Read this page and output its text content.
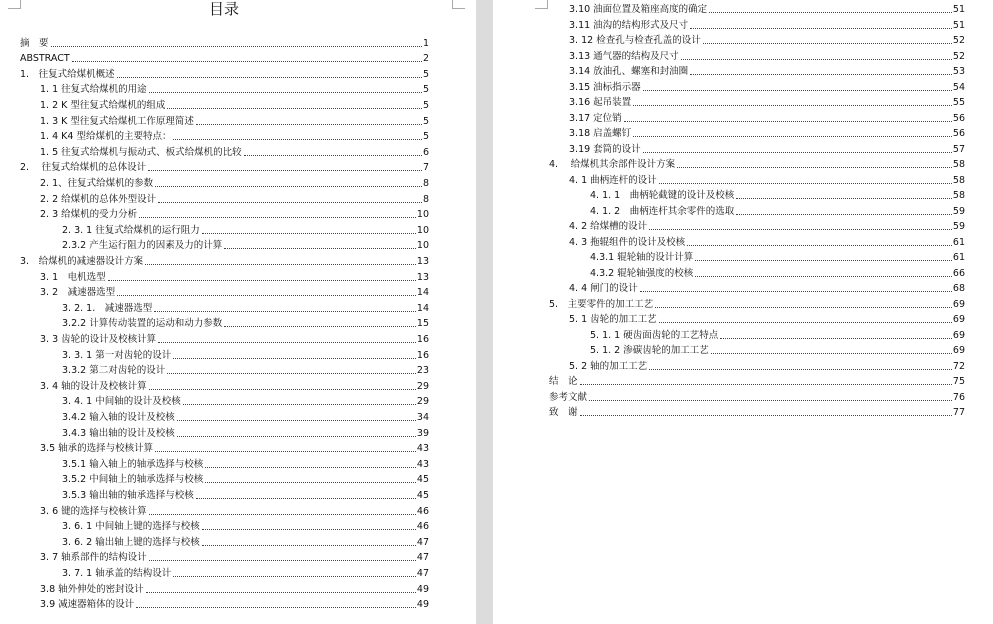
目录
摘　要	1
ABSTRACT	2
1.　往复式给煤机概述	5
1. 1 往复式给煤机的用途	5
1. 2 K 型往复式给煤机的组成	5
1. 3 K 型往复式给煤机工作原理简述	5
1. 4 K4 型给煤机的主要特点：	5
1. 5 往复式给煤机与振动式、板式给煤机的比较	6
2.　 往复式给煤机的总体设计	7
2. 1、往复式给煤机的参数	8
2. 2 给煤机的总体外型设计	8
2. 3 给煤机的受力分析	10
2. 3. 1 往复式给煤机的运行阻力	10
2.3.2 产生运行阻力的因素及力的计算	10
3.　给煤机的减速器设计方案	13
3. 1　电机选型	13
3. 2　减速器选型	14
3. 2. 1.　减速器选型	14
3.2.2 计算传动装置的运动和动力参数	15
3. 3 齿轮的设计及校核计算	16
3. 3. 1 第一对齿轮的设计	16
3.3.2 第二对齿轮的设计	23
3. 4 轴的设计及校核计算	29
3. 4. 1 中间轴的设计及校核	29
3.4.2 输入轴的设计及校核	34
3.4.3 输出轴的设计及校核	39
3.5 轴承的选择与校核计算	43
3.5.1 输入轴上的轴承选择与校核	43
3.5.2 中间轴上的轴承选择与校核	45
3.5.3 输出轴的轴承选择与校核	45
3. 6 键的选择与校核计算	46
3. 6. 1 中间轴上键的选择与校核	46
3. 6. 2 输出轴上键的选择与校核	47
3. 7 轴系部件的结构设计	47
3. 7. 1 轴承盖的结构设计	47
3.8 轴外伸处的密封设计	49
3.9 减速器箱体的设计	49
3.10 油面位置及箱座高度的确定	51
3.11 油沟的结构形式及尺寸	51
3. 12 检查孔与检查孔盖的设计	52
3.13 通气器的结构及尺寸	52
3.14 放油孔、螺塞和封油圈	53
3.15 油标指示器	54
3.16 起吊装置	55
3.17 定位销	56
3.18 启盖螺钉	56
3.19 套筒的设计	57
4.　 给煤机其余部件设计方案	58
4. 1 曲柄连杆的设计	58
4. 1. 1　曲柄轮截键的设计及校核	58
4. 1. 2　曲柄连杆其余零件的选取	59
4. 2 给煤槽的设计	59
4. 3 拖辊组件的设计及校核	61
4.3.1 辊轮轴的设计计算	61
4.3.2 辊轮轴强度的校核	66
4. 4 闸门的设计	68
5.　主要零件的加工工艺	69
5. 1 齿轮的加工工艺	69
5. 1. 1 硬齿面齿轮的工艺特点	69
5. 1. 2 渗碳齿轮的加工工艺	69
5. 2 轴的加工工艺	72
结　论	75
参考文献	76
致　谢	77
